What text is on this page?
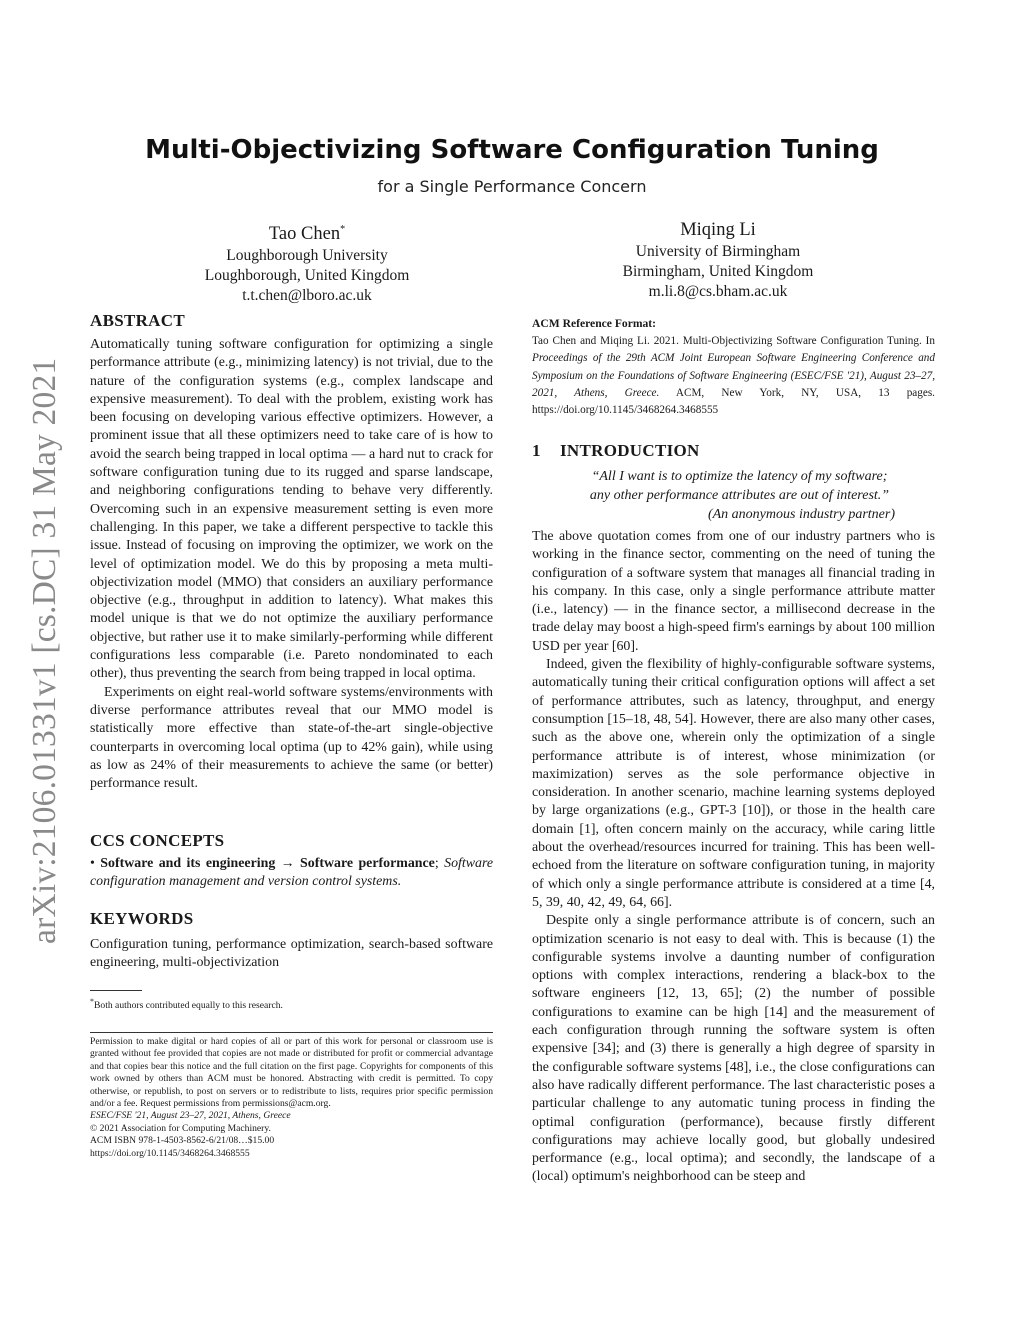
arXiv:2106.01331v1 [cs.DC] 31 May 2021
Multi-Objectivizing Software Configuration Tuning
for a Single Performance Concern
Tao Chen*
Loughborough University
Loughborough, United Kingdom
t.t.chen@lboro.ac.uk
Miqing Li
University of Birmingham
Birmingham, United Kingdom
m.li.8@cs.bham.ac.uk
ABSTRACT

Automatically tuning software configuration for optimizing a single performance attribute (e.g., minimizing latency) is not trivial, due to the nature of the configuration systems (e.g., complex landscape and expensive measurement). To deal with the problem, existing work has been focusing on developing various effective optimizers. However, a prominent issue that all these optimizers need to take care of is how to avoid the search being trapped in local optima — a hard nut to crack for software configuration tuning due to its rugged and sparse landscape, and neighboring configurations tending to behave very differently. Overcoming such in an expensive measurement setting is even more challenging. In this paper, we take a different perspective to tackle this issue. Instead of focusing on improving the optimizer, we work on the level of optimization model. We do this by proposing a meta multi-objectivization model (MMO) that considers an auxiliary performance objective (e.g., throughput in addition to latency). What makes this model unique is that we do not optimize the auxiliary performance objective, but rather use it to make similarly-performing while different configurations less comparable (i.e. Pareto nondominated to each other), thus preventing the search from being trapped in local optima.

Experiments on eight real-world software systems/environments with diverse performance attributes reveal that our MMO model is statistically more effective than state-of-the-art single-objective counterparts in overcoming local optima (up to 42% gain), while using as low as 24% of their measurements to achieve the same (or better) performance result.

CCS CONCEPTS

• Software and its engineering → Software performance; Software configuration management and version control systems.

KEYWORDS

Configuration tuning, performance optimization, search-based software engineering, multi-objectivization

*Both authors contributed equally to this research.

Permission to make digital or hard copies of all or part of this work for personal or classroom use is granted without fee provided that copies are not made or distributed for profit or commercial advantage and that copies bear this notice and the full citation on the first page. Copyrights for components of this work owned by others than ACM must be honored. Abstracting with credit is permitted. To copy otherwise, or republish, to post on servers or to redistribute to lists, requires prior specific permission and/or a fee. Request permissions from permissions@acm.org.

ESEC/FSE '21, August 23–27, 2021, Athens, Greece
© 2021 Association for Computing Machinery.
ACM ISBN 978-1-4503-8562-6/21/08…$15.00
https://doi.org/10.1145/3468264.3468555
ACM Reference Format:
Tao Chen and Miqing Li. 2021. Multi-Objectivizing Software Configuration Tuning. In Proceedings of the 29th ACM Joint European Software Engineering Conference and Symposium on the Foundations of Software Engineering (ESEC/FSE '21), August 23–27, 2021, Athens, Greece. ACM, New York, NY, USA, 13 pages. https://doi.org/10.1145/3468264.3468555
1 INTRODUCTION
“All I want is to optimize the latency of my software;
any other performance attributes are out of interest.”
(An anonymous industry partner)

The above quotation comes from one of our industry partners who is working in the finance sector, commenting on the need of tuning the configuration of a software system that manages all financial trading in his company. In this case, only a single performance attribute matter (i.e., latency) — in the finance sector, a millisecond decrease in the trade delay may boost a high-speed firm's earnings by about 100 million USD per year [60].

Indeed, given the flexibility of highly-configurable software systems, automatically tuning their critical configuration options will affect a set of performance attributes, such as latency, throughput, and energy consumption [15–18, 48, 54]. However, there are also many other cases, such as the above one, wherein only the optimization of a single performance attribute is of interest, whose minimization (or maximization) serves as the sole performance objective in consideration. In another scenario, machine learning systems deployed by large organizations (e.g., GPT-3 [10]), or those in the health care domain [1], often concern mainly on the accuracy, while caring little about the overhead/resources incurred for training. This has been well-echoed from the literature on software configuration tuning, in majority of which only a single performance attribute is considered at a time [4, 5, 39, 40, 42, 49, 64, 66].

Despite only a single performance attribute is of concern, such an optimization scenario is not easy to deal with. This is because (1) the configurable systems involve a daunting number of configuration options with complex interactions, rendering a black-box to the software engineers [12, 13, 65]; (2) the number of possible configurations to examine can be high [14] and the measurement of each configuration through running the software system is often expensive [34]; and (3) there is generally a high degree of sparsity in the configurable software systems [48], i.e., the close configurations can also have radically different performance. The last characteristic poses a particular challenge to any automatic tuning process in finding the optimal configuration (performance), because firstly different configurations may achieve locally good, but globally undesired performance (e.g., local optima); and secondly, the landscape of a (local) optimum's neighborhood can be steep and
